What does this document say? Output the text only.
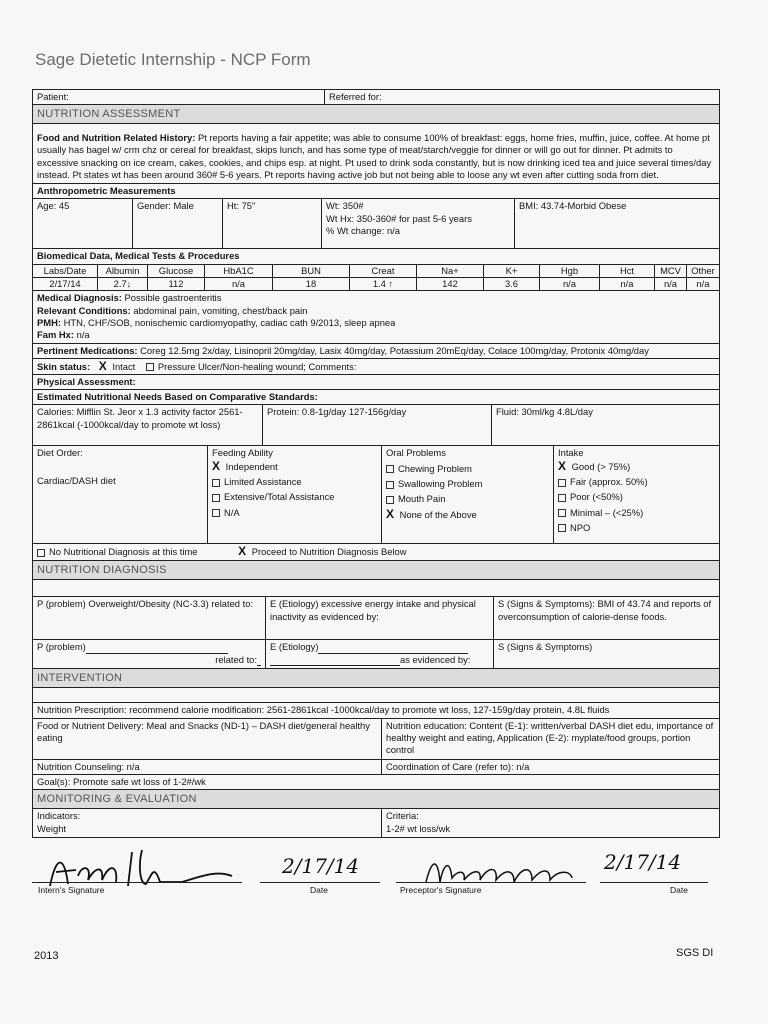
Sage Dietetic Internship - NCP Form
Patient:	Referred for:
NUTRITION ASSESSMENT
Food and Nutrition Related History: Pt reports having a fair appetite; was able to consume 100% of breakfast: eggs, home fries, muffin, juice, coffee. At home pt usually has bagel w/ crm chz or cereal for breakfast, skips lunch, and has some type of meat/starch/veggie for dinner or will go out for dinner. Pt admits to excessive snacking on ice cream, cakes, cookies, and chips esp. at night. Pt used to drink soda constantly, but is now drinking iced tea and juice several times/day instead. Pt states wt has been around 360# 5-6 years. Pt reports having active job but not being able to loose any wt even after cutting soda from diet.
Anthropometric Measurements
Age: 45	Gender: Male	Ht: 75"	Wt: 350#
Wt Hx: 350-360# for past 5-6 years
% Wt change: n/a
BMI: 43.74-Morbid Obese
Biomedical Data, Medical Tests & Procedures
Labs/Date	Albumin	Glucose	HbA1C	BUN	Creat	Na+	K+	Hgb	Hct	MCV	Other
2/17/14	2.7↓	112	n/a	18	1.4 ↑	142	3.6	n/a	n/a	n/a	n/a
Medical Diagnosis: Possible gastroenteritis
Relevant Conditions: abdominal pain, vomiting, chest/back pain
PMH: HTN, CHF/SOB, nonischemic cardiomyopathy, cadiac cath 9/2013, sleep apnea
Fam Hx: n/a
Pertinent Medications: Coreg 12.5mg 2x/day, Lisinopril 20mg/day, Lasix 40mg/day, Potassium 20mEq/day, Colace 100mg/day, Protonix 40mg/day
Skin status: X Intact Pressure Ulcer/Non-healing wound; Comments:
Physical Assessment:
Estimated Nutritional Needs Based on Comparative Standards:
Calories: Mifflin St. Jeor x 1.3 activity factor 2561-2861kcal (-1000kcal/day to promote wt loss)
Protein: 0.8-1g/day 127-156g/day	Fluid: 30ml/kg 4.8L/day
Diet Order:
Cardiac/DASH diet
Feeding Ability
X Independent
Limited Assistance
Extensive/Total Assistance
N/A
Oral Problems
Chewing Problem
Swallowing Problem
Mouth Pain
X None of the Above
Intake
X Good (> 75%)
Fair (approx. 50%)
Poor (<50%)
Minimal – (<25%)
NPO
No Nutritional Diagnosis at this time	X Proceed to Nutrition Diagnosis Below
NUTRITION DIAGNOSIS
P (problem) Overweight/Obesity (NC-3.3) related to:	E (Etiology) excessive energy intake and physical inactivity as evidenced by:
S (Signs & Symptoms): BMI of 43.74 and reports of overconsumption of calorie-dense foods.
P (problem)
related to:
E (Etiology)
as evidenced by:
S (Signs & Symptoms)
INTERVENTION
Nutrition Prescription: recommend calorie modification: 2561-2861kcal -1000kcal/day to promote wt loss, 127-159g/day protein, 4.8L fluids
Food or Nutrient Delivery: Meal and Snacks (ND-1) – DASH diet/general healthy eating
Nutrition education: Content (E-1): written/verbal DASH diet edu, importance of healthy weight and eating, Application (E-2): myplate/food groups, portion control
Nutrition Counseling: n/a	Coordination of Care (refer to): n/a
Goal(s): Promote safe wt loss of 1-2#/wk
MONITORING & EVALUATION
Indicators:
Weight
Criteria:
1-2# wt loss/wk
2/17/14	2/17/14
Intern's Signature	Date	Preceptor's Signature	Date
2013	SGS DI
